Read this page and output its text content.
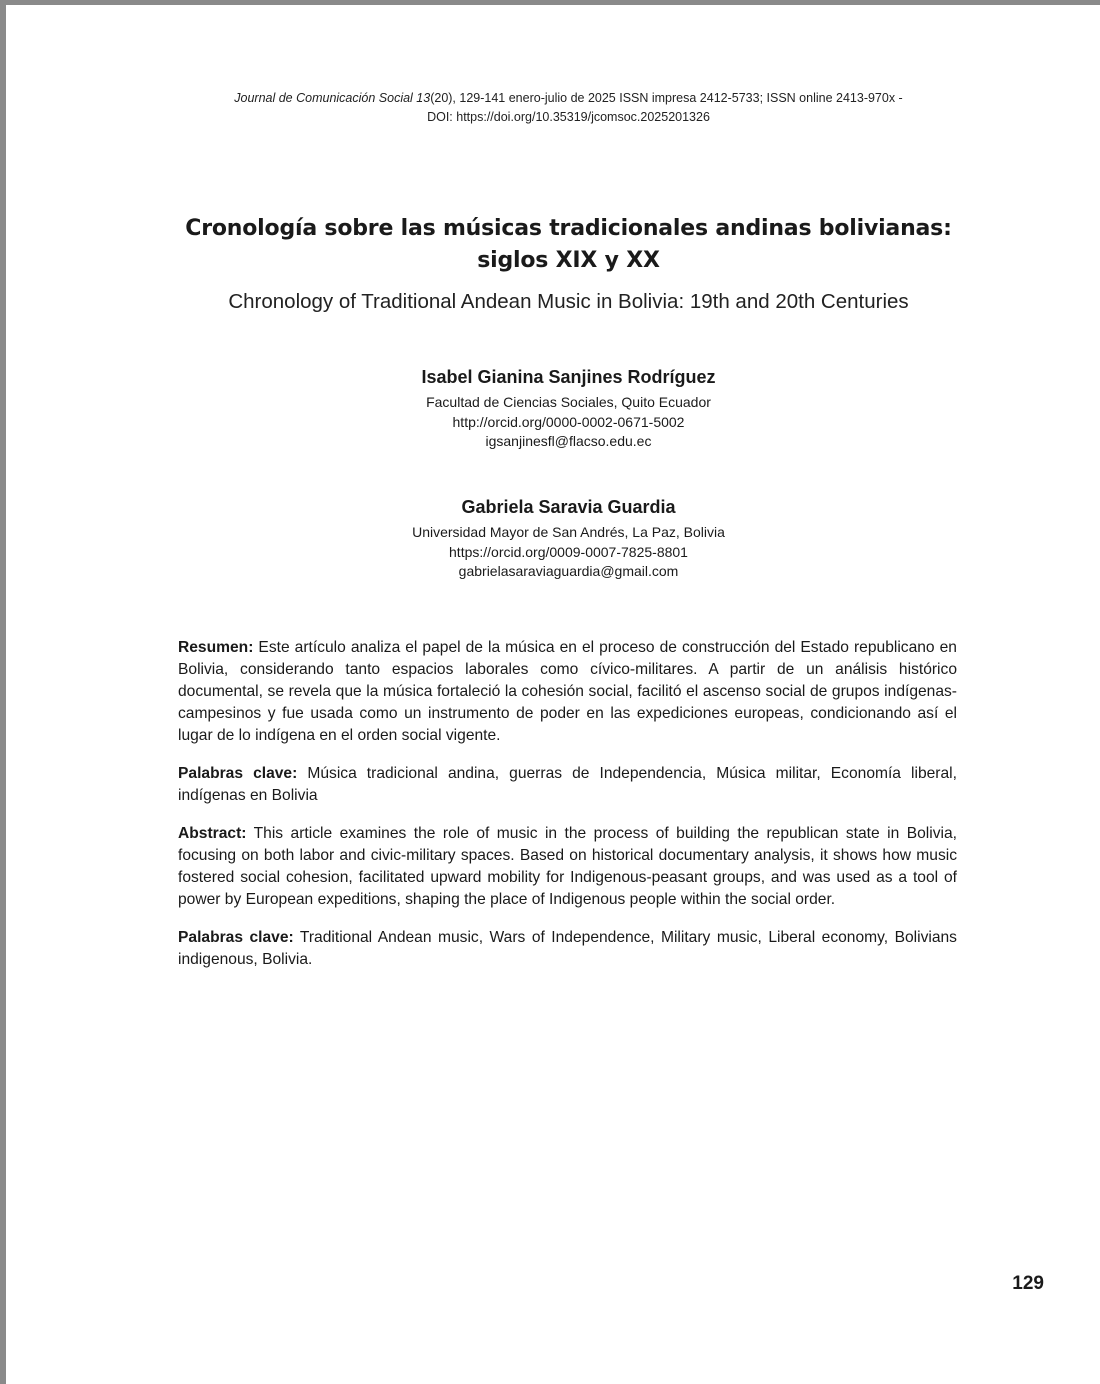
Journal de Comunicación Social 13(20), 129-141 enero-julio de 2025 ISSN impresa 2412-5733; ISSN online 2413-970x -
DOI: https://doi.org/10.35319/jcomsoc.2025201326
Cronología sobre las músicas tradicionales andinas bolivianas:
siglos XIX y XX
Chronology of Traditional Andean Music in Bolivia: 19th and 20th Centuries
Isabel Gianina Sanjines Rodríguez
Facultad de Ciencias Sociales, Quito Ecuador
http://orcid.org/0000-0002-0671-5002
igsanjinesfl@flacso.edu.ec
Gabriela Saravia Guardia
Universidad Mayor de San Andrés, La Paz, Bolivia
https://orcid.org/0009-0007-7825-8801
gabrielasaraviaguardia@gmail.com

Resumen: Este artículo analiza el papel de la música en el proceso de construcción del Estado republicano en Bolivia, considerando tanto espacios laborales como cívico-militares. A partir de un análisis histórico documental, se revela que la música fortaleció la cohesión social, facilitó el ascenso social de grupos indígenas-campesinos y fue usada como un instrumento de poder en las expediciones europeas, condicionando así el lugar de lo indígena en el orden social vigente.

Palabras clave: Música tradicional andina, guerras de Independencia, Música militar, Economía liberal, indígenas en Bolivia

Abstract: This article examines the role of music in the process of building the republican state in Bolivia, focusing on both labor and civic-military spaces. Based on historical documentary analysis, it shows how music fostered social cohesion, facilitated upward mobility for Indigenous-peasant groups, and was used as a tool of power by European expeditions, shaping the place of Indigenous people within the social order.

Palabras clave: Traditional Andean music, Wars of Independence, Military music, Liberal economy, Bolivians indigenous, Bolivia.

129
